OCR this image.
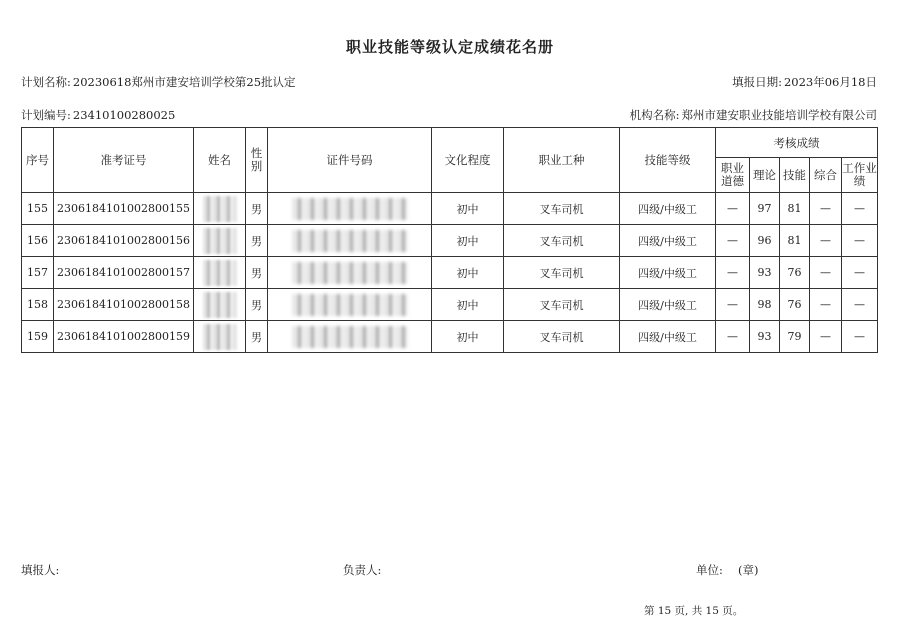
职业技能等级认定成绩花名册
计划名称: 20230618郑州市建安培训学校第25批认定	填报日期: 2023年06月18日
计划编号: 23410100280025	机构名称: 郑州市建安职业技能培训学校有限公司
序号	准考证号	姓名	性别	证件号码	文化程度	职业工种	技能等级	考核成绩				
								职业道德	理论	技能	综合	工作业绩
155	2306184101002800155		男		初中	叉车司机	四级/中级工	—	97	81	—	—
156	2306184101002800156		男		初中	叉车司机	四级/中级工	—	96	81	—	—
157	2306184101002800157		男		初中	叉车司机	四级/中级工	—	93	76	—	—
158	2306184101002800158		男		初中	叉车司机	四级/中级工	—	98	76	—	—
159	2306184101002800159		男		初中	叉车司机	四级/中级工	—	93	79	—	—
填报人:	负责人:	单位: (章)
第 15 页, 共 15 页。
